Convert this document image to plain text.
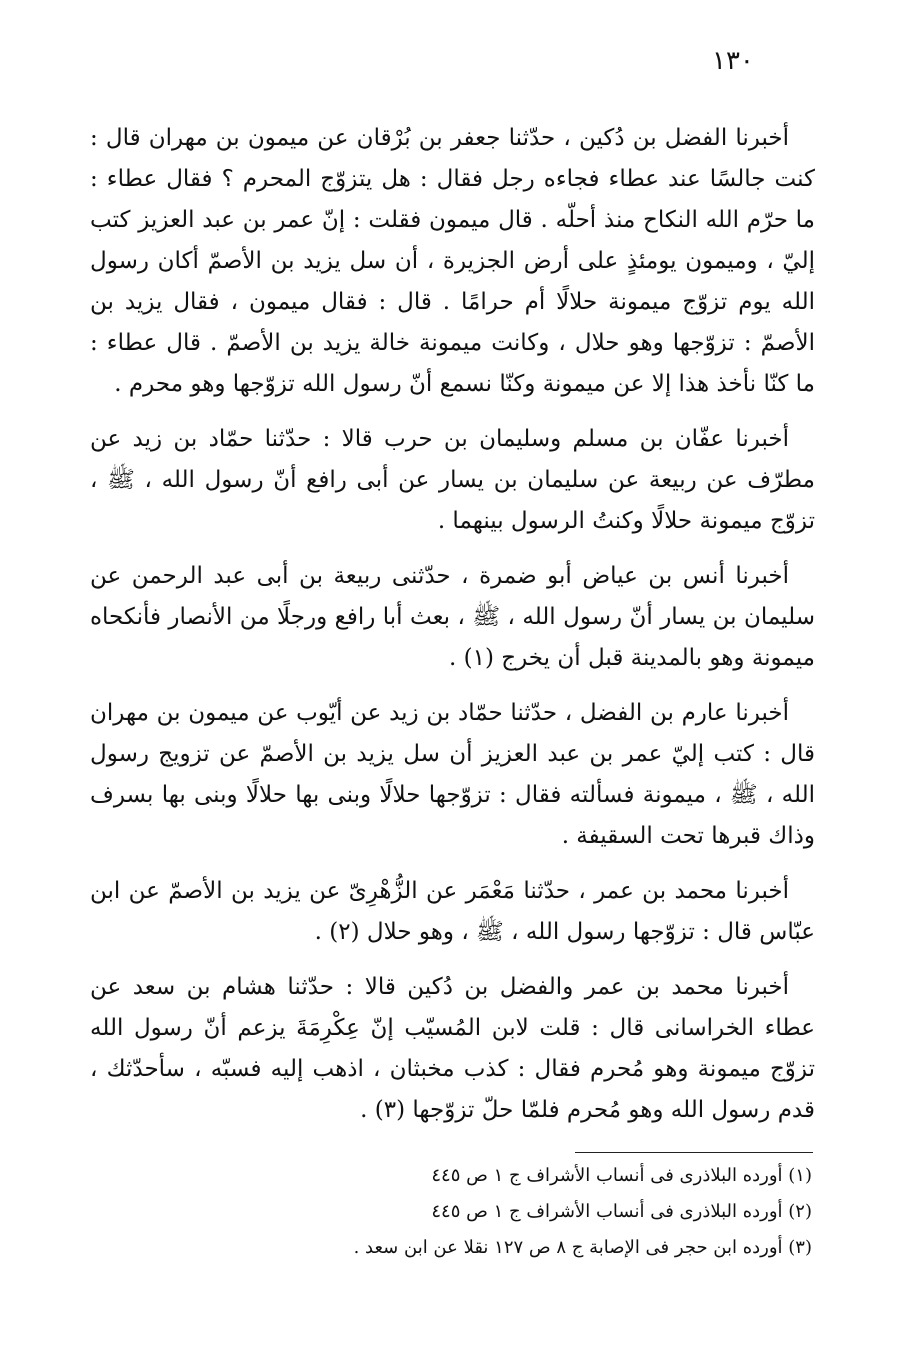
١٣٠

أخبرنا الفضل بن دُكين ، حدّثنا جعفر بن بُرْقان عن ميمون بن مهران قال : كنت جالسًا عند عطاء فجاءه رجل فقال : هل يتزوّج المحرم ؟ فقال عطاء : ما حرّم الله النكاح منذ أحلّه . قال ميمون فقلت : إنّ عمر بن عبد العزيز كتب إليّ ، وميمون يومئذٍ على أرض الجزيرة ، أن سل يزيد بن الأصمّ أكان رسول الله يوم تزوّج ميمونة حلالًا أم حرامًا . قال : فقال ميمون ، فقال يزيد بن الأصمّ : تزوّجها وهو حلال ، وكانت ميمونة خالة يزيد بن الأصمّ . قال عطاء : ما كنّا نأخذ هذا إلا عن ميمونة وكنّا نسمع أنّ رسول الله تزوّجها وهو محرم .

أخبرنا عفّان بن مسلم وسليمان بن حرب قالا : حدّثنا حمّاد بن زيد عن مطرّف عن ربيعة عن سليمان بن يسار عن أبى رافع أنّ رسول الله ، ﷺ ، تزوّج ميمونة حلالًا وكنتُ الرسول بينهما .

أخبرنا أنس بن عياض أبو ضمرة ، حدّثنى ربيعة بن أبى عبد الرحمن عن سليمان بن يسار أنّ رسول الله ، ﷺ ، بعث أبا رافع ورجلًا من الأنصار فأنكحاه ميمونة وهو بالمدينة قبل أن يخرج (١) .

أخبرنا عارم بن الفضل ، حدّثنا حمّاد بن زيد عن أيّوب عن ميمون بن مهران قال : كتب إليّ عمر بن عبد العزيز أن سل يزيد بن الأصمّ عن تزويج رسول الله ، ﷺ ، ميمونة فسألته فقال : تزوّجها حلالًا وبنى بها حلالًا وبنى بها بسرف وذاك قبرها تحت السقيفة .

أخبرنا محمد بن عمر ، حدّثنا مَعْمَر عن الزُّهْرِىّ عن يزيد بن الأصمّ عن ابن عبّاس قال : تزوّجها رسول الله ، ﷺ ، وهو حلال (٢) .

أخبرنا محمد بن عمر والفضل بن دُكين قالا : حدّثنا هشام بن سعد عن عطاء الخراسانى قال : قلت لابن المُسيّب إنّ عِكْرِمَةَ يزعم أنّ رسول الله تزوّج ميمونة وهو مُحرم فقال : كذب مخبثان ، اذهب إليه فسبّه ، سأحدّثك ، قدم رسول الله وهو مُحرم فلمّا حلّ تزوّجها (٣) .

(١) أورده البلاذرى فى أنساب الأشراف ج ١ ص ٤٤٥

(٢) أورده البلاذرى فى أنساب الأشراف ج ١ ص ٤٤٥

(٣) أورده ابن حجر فى الإصابة ج ٨ ص ١٢٧ نقلا عن ابن سعد .
